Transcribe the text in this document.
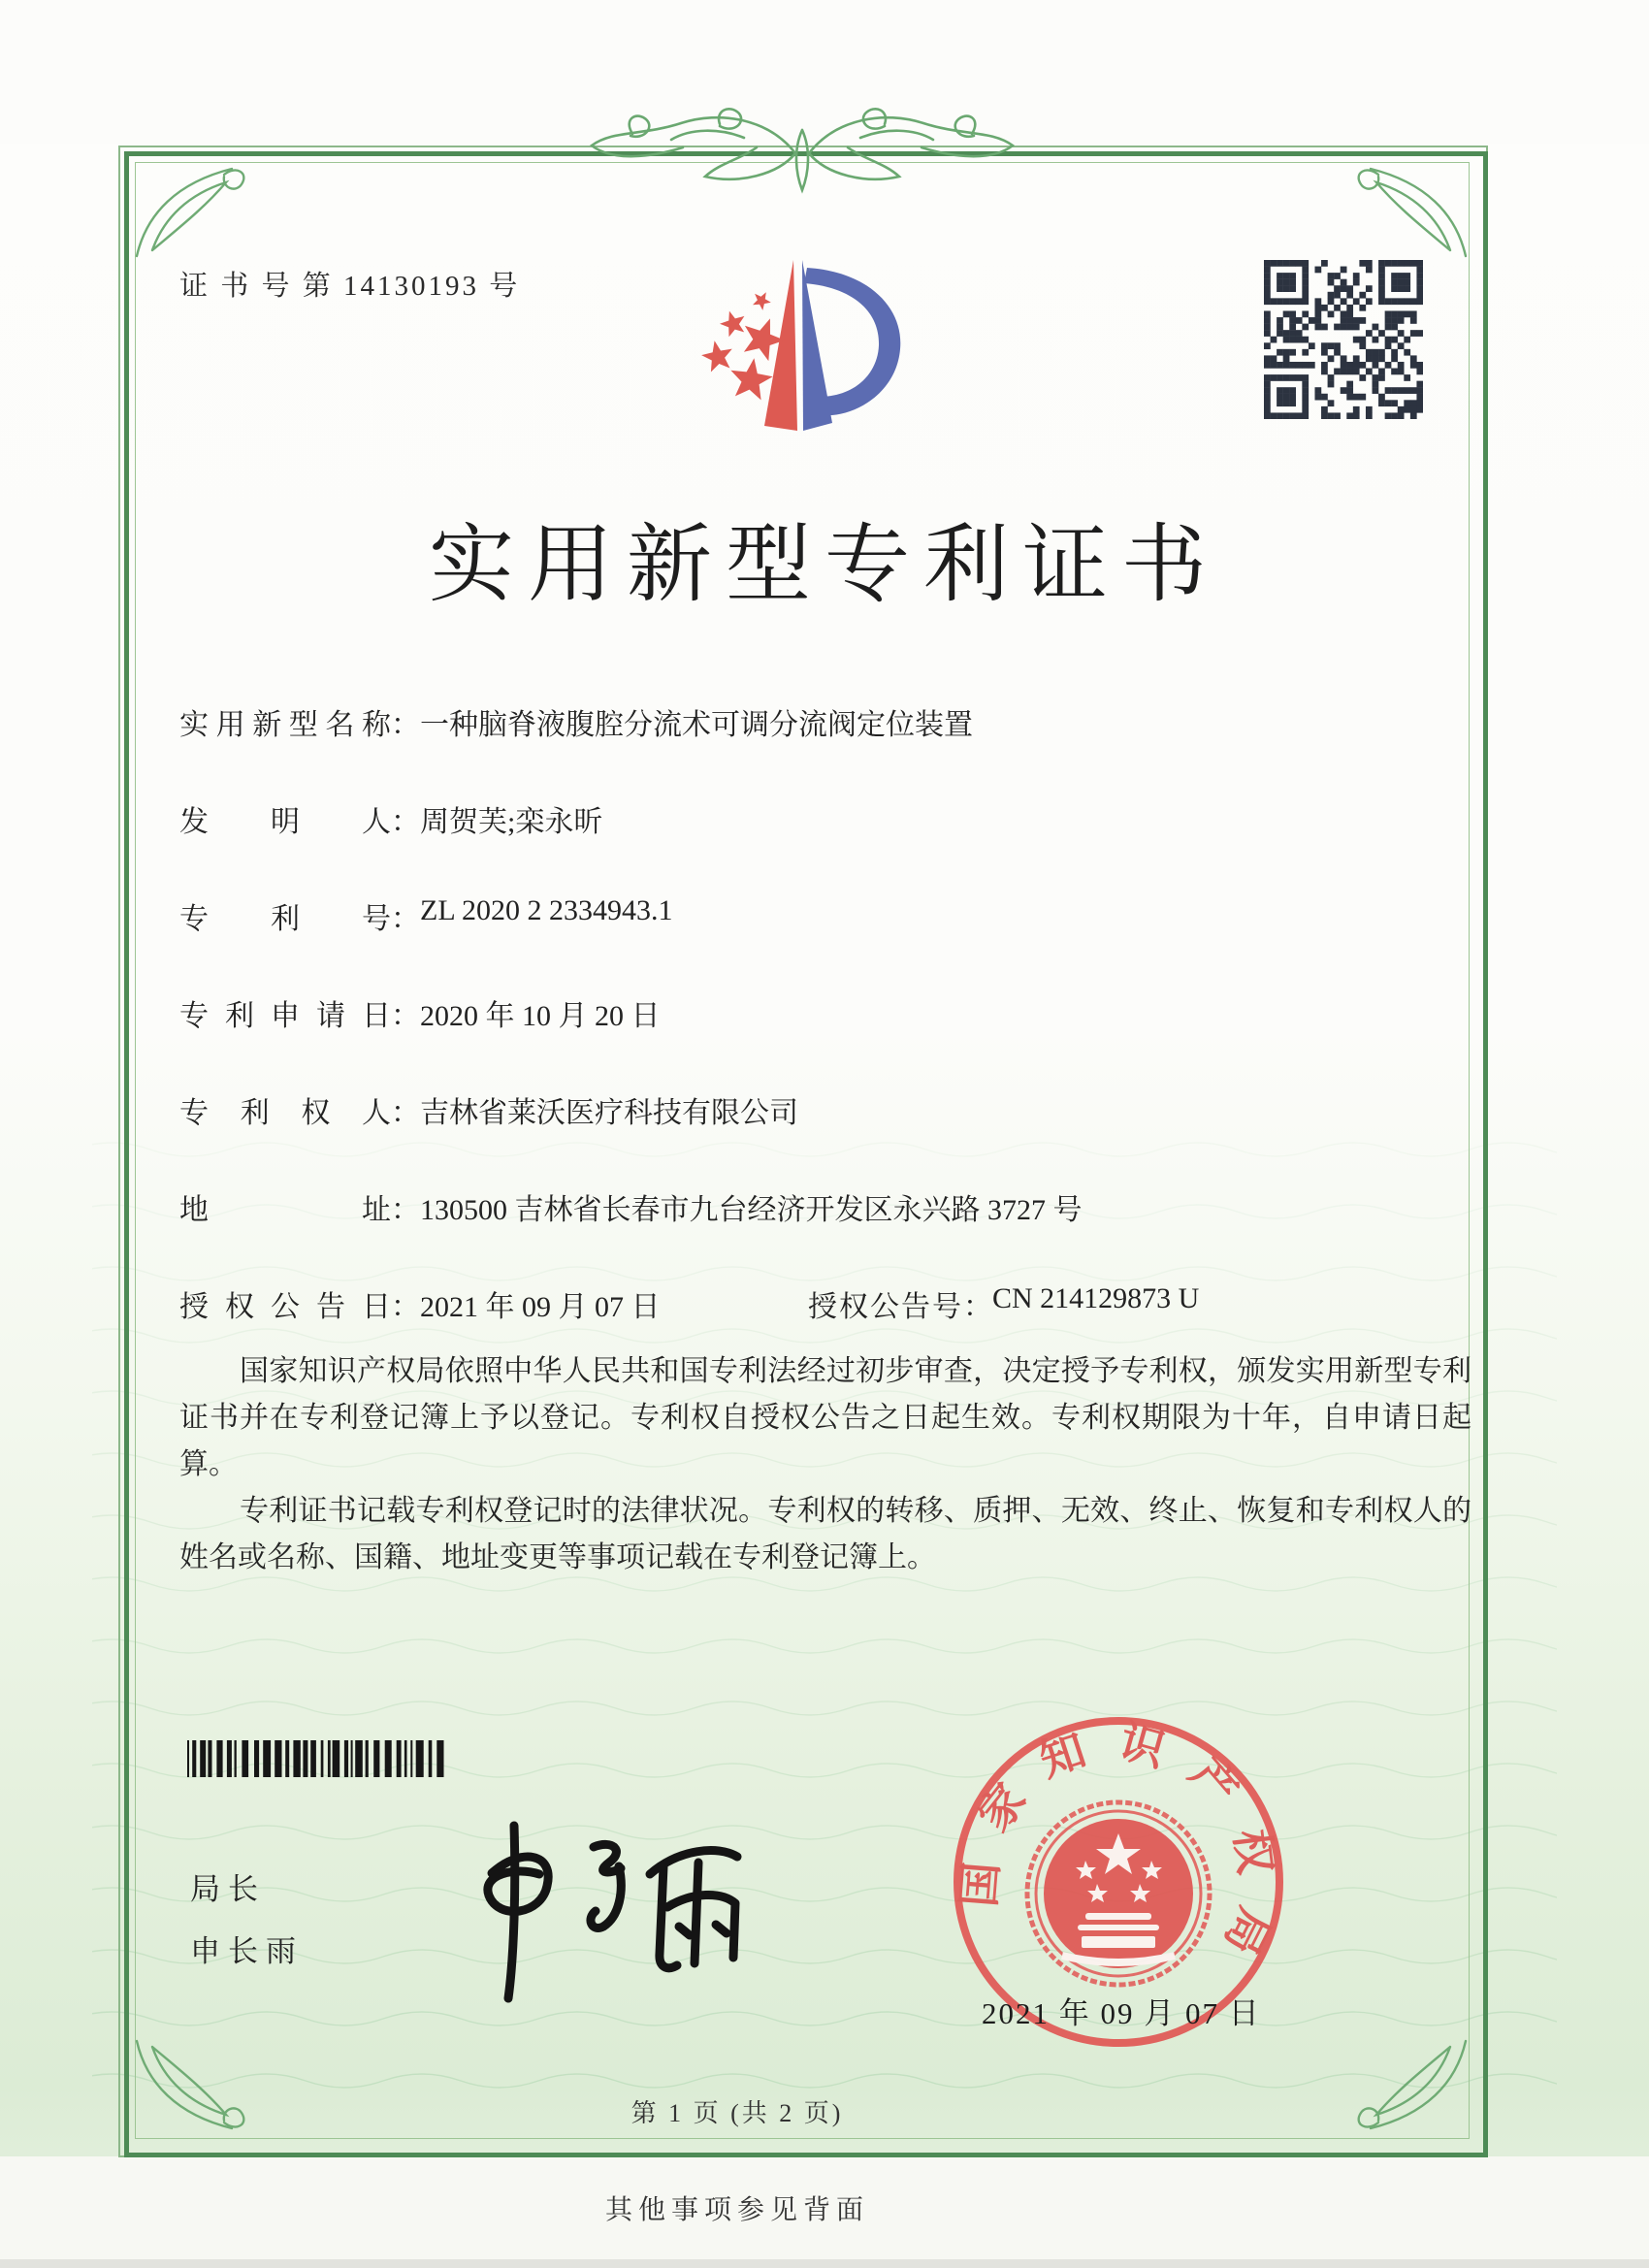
证 书 号 第 14130193 号
实用新型专利证书
实用新型名称：一种脑脊液腹腔分流术可调分流阀定位装置
发明人：周贺芙;栾永昕
专利号：ZL 2020 2 2334943.1
专利申请日：2020 年 10 月 20 日
专利权人：吉林省莱沃医疗科技有限公司
地址：130500 吉林省长春市九台经济开发区永兴路 3727 号
授权公告日：2021 年 09 月 07 日	授权公告号：CN 214129873 U

国家知识产权局依照中华人民共和国专利法经过初步审查，决定授予专利权，颁发实用新型专利证书并在专利登记簿上予以登记。专利权自授权公告之日起生效。专利权期限为十年，自申请日起算。

专利证书记载专利权登记时的法律状况。专利权的转移、质押、无效、终止、恢复和专利权人的姓名或名称、国籍、地址变更等事项记载在专利登记簿上。

局长
申长雨
国家知识产权局
2021 年 09 月 07 日
第 1 页 (共 2 页)
其他事项参见背面
